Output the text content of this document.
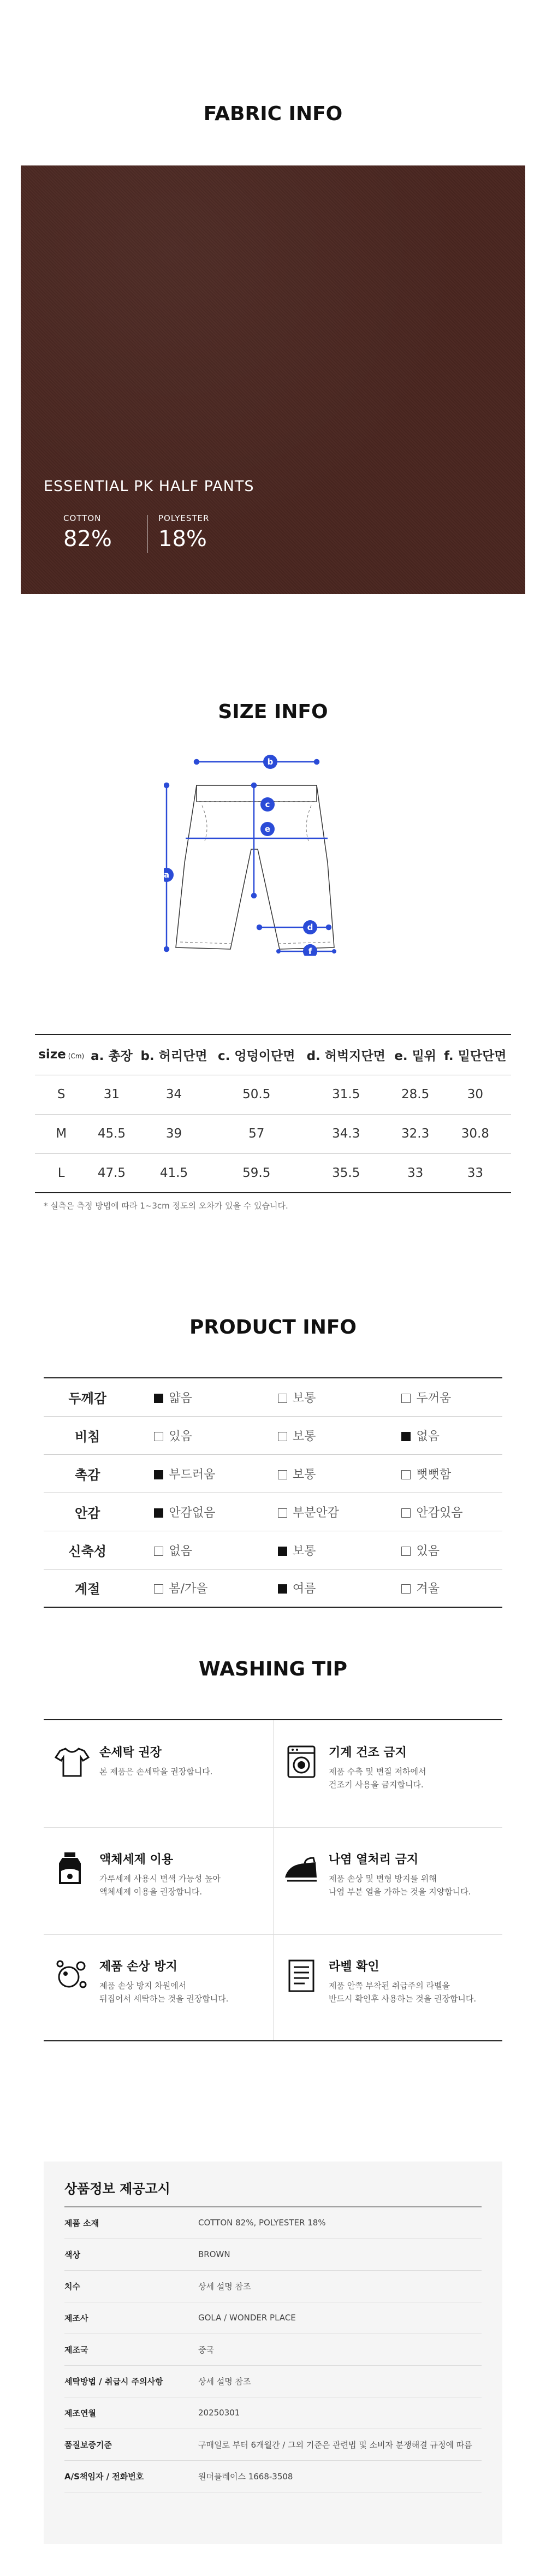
FABRIC INFO
ESSENTIAL PK HALF PANTS
COTTON
82%
POLYESTER
18%
SIZE INFO
a
b
c
e
d
f
size (Cm)	a. 총장	b. 허리단면	c. 엉덩이단면	d. 허벅지단면	e. 밑위	f. 밑단단면
S	31	34	50.5	31.5	28.5	30
M	45.5	39	57	34.3	32.3	30.8
L	47.5	41.5	59.5	35.5	33	33
* 실측은 측정 방법에 따라 1~3cm 정도의 오차가 있을 수 있습니다.
PRODUCT INFO
두께감	얇음	보통	두꺼움
비침	있음	보통	없음
촉감	부드러움	보통	뻣뻣함
안감	안감없음	부분안감	안감있음
신축성	없음	보통	있음
계절	봄/가을	여름	겨울
WASHING TIP
손세탁 권장
본 제품은 손세탁을 권장합니다.
기계 건조 금지
제품 수축 및 변질 저하에서
건조기 사용을 금지합니다.
액체세제 이용
가루세제 사용시 변색 가능성 높아
액체세제 이용을 권장합니다.
나염 열처리 금지
제품 손상 및 변형 방지를 위해
나염 부분 열을 가하는 것을 지양합니다.
제품 손상 방지
제품 손상 방지 차원에서
뒤집어서 세탁하는 것을 권장합니다.
라벨 확인
제품 안쪽 부착된 취급주의 라벨을
반드시 확인후 사용하는 것을 권장합니다.
상품정보 제공고시
제품 소재	COTTON 82%, POLYESTER 18%
색상	BROWN
치수	상세 설명 참조
제조사	GOLA / WONDER PLACE
제조국	중국
세탁방법 / 취급시 주의사항	상세 설명 참조
제조연월	20250301
품질보증기준	구매일로 부터 6개월간 / 그외 기준은 관련법 및 소비자 분쟁해결 규정에 따름
A/S책임자 / 전화번호	원더플레이스 1668-3508
